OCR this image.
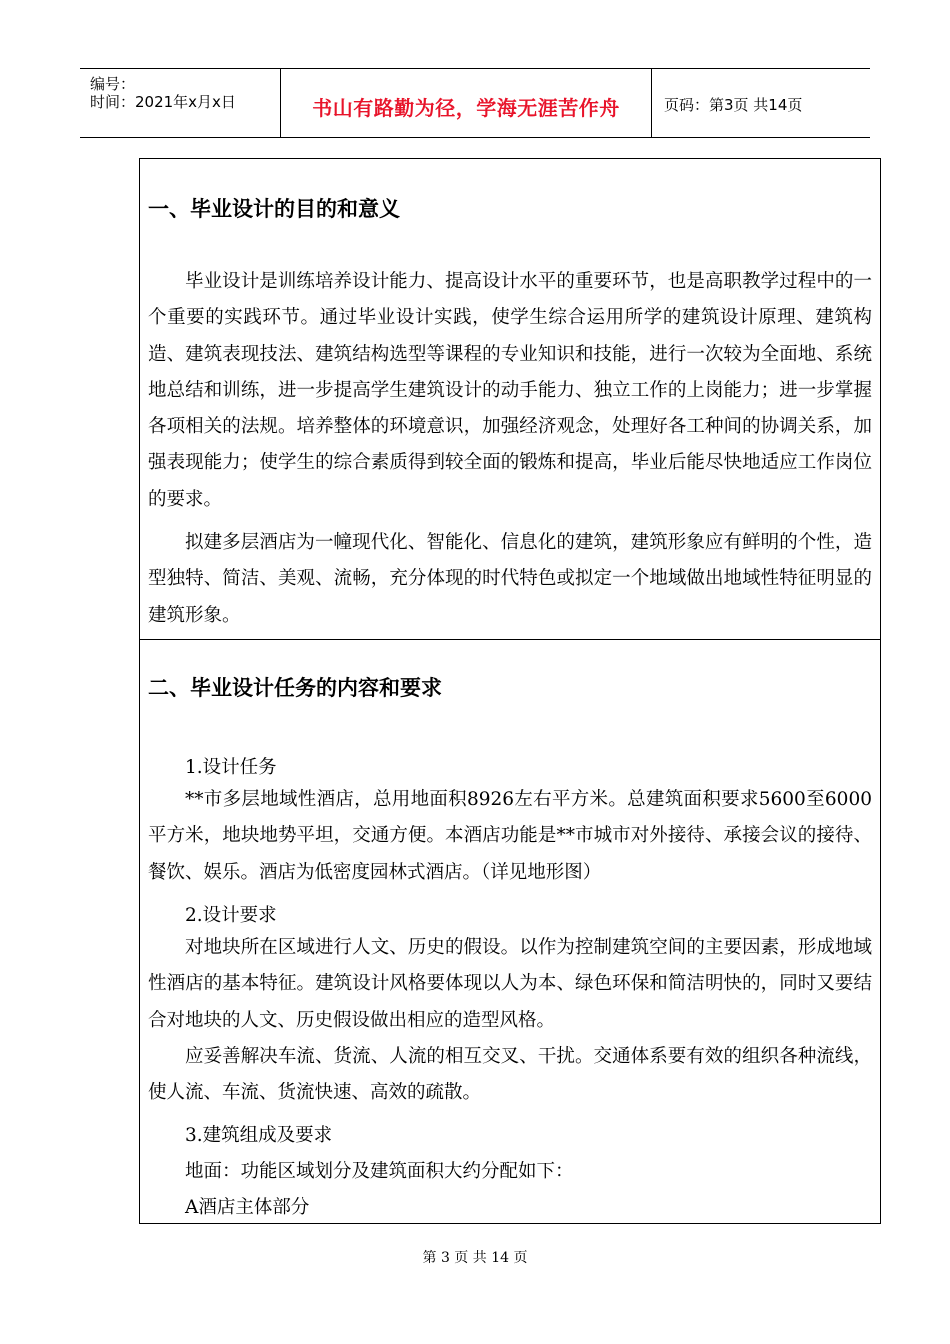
编号：
时间：2021年x月x日	书山有路勤为径，学海无涯苦作舟	页码：第3页 共14页
一、毕业设计的目的和意义

毕业设计是训练培养设计能力、提高设计水平的重要环节，也是高职教学过程中的一个重要的实践环节。通过毕业设计实践，使学生综合运用所学的建筑设计原理、建筑构造、建筑表现技法、建筑结构选型等课程的专业知识和技能，进行一次较为全面地、系统地总结和训练，进一步提高学生建筑设计的动手能力、独立工作的上岗能力；进一步掌握各项相关的法规。培养整体的环境意识，加强经济观念，处理好各工种间的协调关系，加强表现能力；使学生的综合素质得到较全面的锻炼和提高，毕业后能尽快地适应工作岗位的要求。

拟建多层酒店为一幢现代化、智能化、信息化的建筑，建筑形象应有鲜明的个性，造型独特、简洁、美观、流畅，充分体现的时代特色或拟定一个地域做出地域性特征明显的建筑形象。

二、毕业设计任务的内容和要求
1.设计任务

**市多层地域性酒店，总用地面积8926左右平方米。总建筑面积要求5600至6000平方米，地块地势平坦，交通方便。本酒店功能是**市城市对外接待、承接会议的接待、餐饮、娱乐。酒店为低密度园林式酒店。（详见地形图）

2.设计要求

对地块所在区域进行人文、历史的假设。以作为控制建筑空间的主要因素，形成地域性酒店的基本特征。建筑设计风格要体现以人为本、绿色环保和简洁明快的，同时又要结合对地块的人文、历史假设做出相应的造型风格。

应妥善解决车流、货流、人流的相互交叉、干扰。交通体系要有效的组织各种流线，使人流、车流、货流快速、高效的疏散。

3.建筑组成及要求
地面：功能区域划分及建筑面积大约分配如下：
A酒店主体部分
第 3 页 共 14 页
